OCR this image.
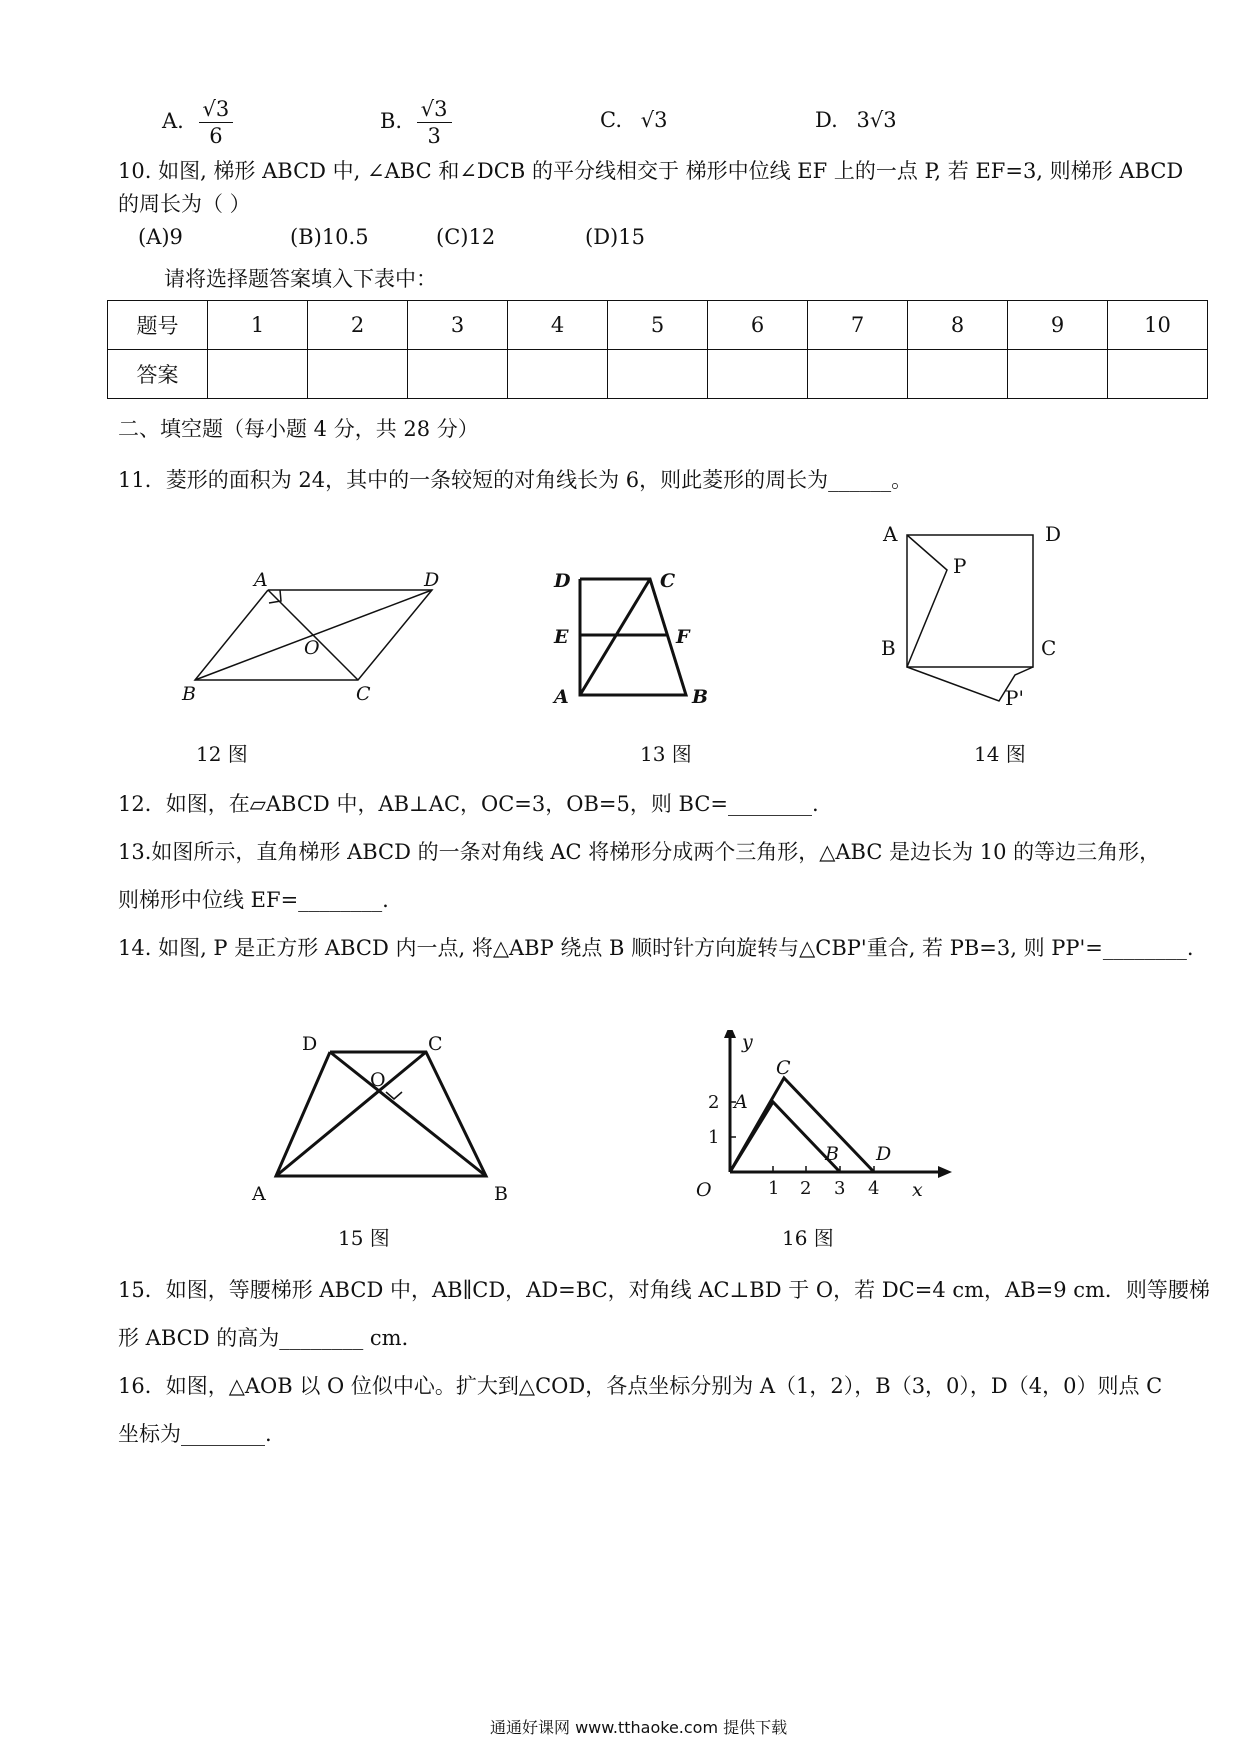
A. $\frac{√3}{6}$	B. $\frac{√3}{3}$	C. √3	D. 3√3
10. 如图, 梯形 ABCD 中, ∠ABC 和∠DCB 的平分线相交于 梯形中位线 EF 上的一点 P, 若 EF=3, 则梯形 ABCD
的周长为（ ）
(A)9	(B)10.5	(C)12	(D)15
请将选择题答案填入下表中：
题号	1	2	3	4	5	6	7	8	9	10
答案										
二、填空题（每小题 4 分，共 28 分）
11．菱形的面积为 24，其中的一条较短的对角线长为 6，则此菱形的周长为______。
A	D
O
B	C
D	C
E	F
A	B
A	D
P
B	C
P'
12 图	13 图	14 图
12．如图，在▱ABCD 中，AB⊥AC，OC=3，OB=5，则 BC=________.
13.如图所示，直角梯形 ABCD 的一条对角线 AC 将梯形分成两个三角形，△ABC 是边长为 10 的等边三角形，
则梯形中位线 EF=________.
14. 如图, P 是正方形 ABCD 内一点, 将△ABP 绕点 B 顺时针方向旋转与△CBP'重合, 若 PB=3, 则 PP'=________.
D	C
O
A	B
y
C
A
B D
O	x
1
2
1 2 3 4
15 图	16 图
15．如图，等腰梯形 ABCD 中，AB∥CD，AD=BC，对角线 AC⊥BD 于 O，若 DC=4 cm，AB=9 cm．则等腰梯
形 ABCD 的高为________ cm．
16．如图，△AOB 以 O 位似中心。扩大到△COD，各点坐标分别为 A（1，2），B（3，0），D（4，0）则点 C
坐标为________.
通通好课网 www.tthaoke.com 提供下载
